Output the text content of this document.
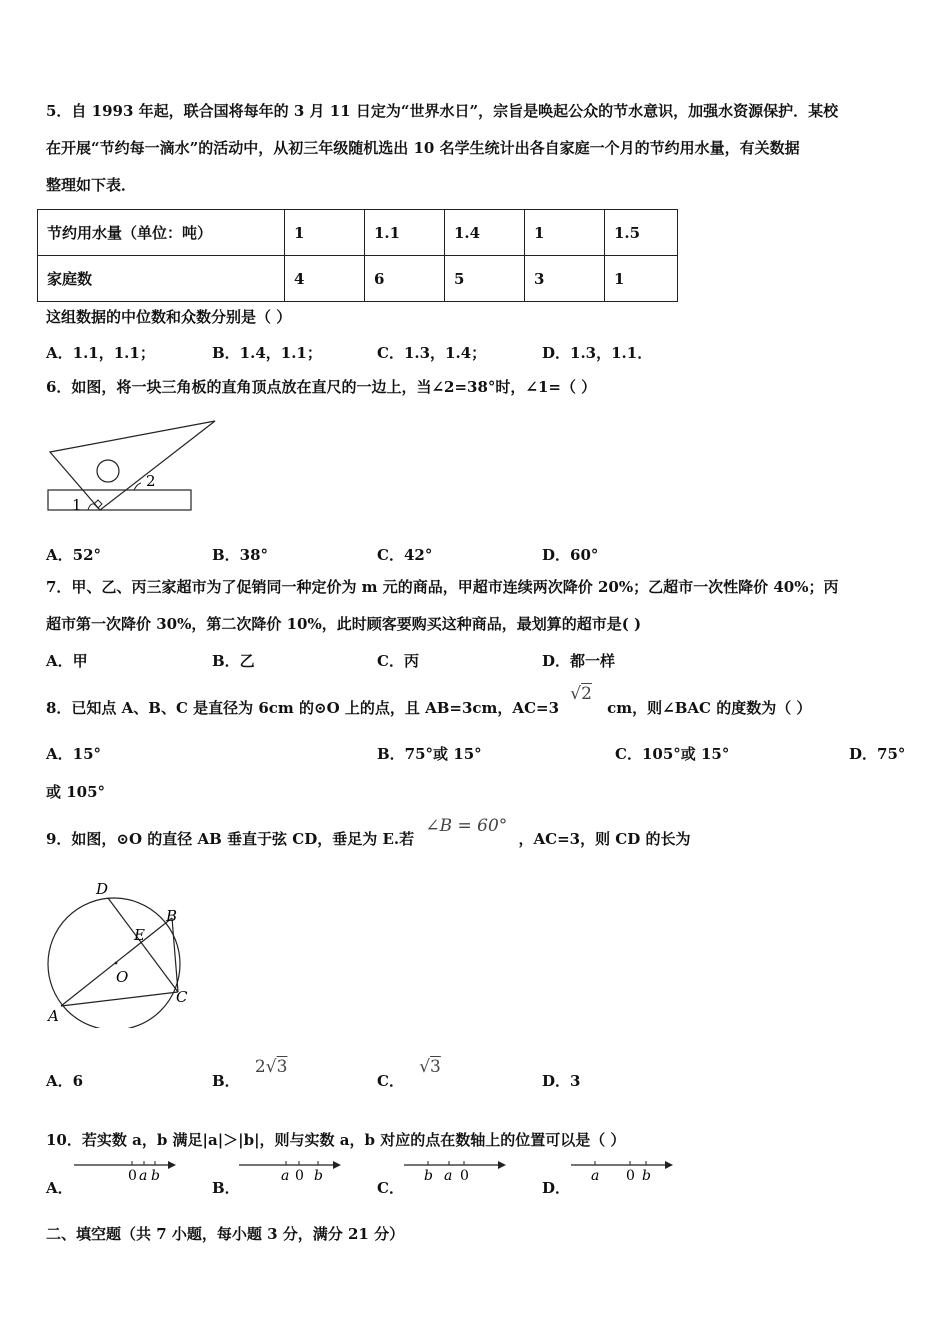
5．自 1993 年起，联合国将每年的 3 月 11 日定为“世界水日”，宗旨是唤起公众的节水意识，加强水资源保护．某校
在开展“节约每一滴水”的活动中，从初三年级随机选出 10 名学生统计出各自家庭一个月的节约用水量，有关数据
整理如下表．
节约用水量（单位：吨）	1	1.1	1.4	1	1.5
家庭数	4	6	5	3	1
这组数据的中位数和众数分别是（ ）
A．1.1，1.1；	B．1.4，1.1；	C．1.3，1.4；	D．1.3，1.1．
6．如图，将一块三角板的直角顶点放在直尺的一边上，当∠2=38°时，∠1=（ ）
1
2
A．52°	B．38°	C．42°	D．60°
7．甲、乙、丙三家超市为了促销同一种定价为 m 元的商品，甲超市连续两次降价 20%；乙超市一次性降价 40%；丙
超市第一次降价 30%，第二次降价 10%，此时顾客要购买这种商品，最划算的超市是( )
A．甲	B．乙	C．丙	D．都一样
8．已知点 A、B、C 是直径为 6cm 的⊙O 上的点，且 AB=3cm，AC=3 √2 cm，则∠BAC 的度数为（ ）
A．15°	B．75°或 15°	C．105°或 15°	D．75°
或 105°
9．如图，⊙O 的直径 AB 垂直于弦 CD，垂足为 E.若 ∠B = 60° ，AC=3，则 CD 的长为
D
B
E
O
C
A
A．6	B． 2√3
C． √3
D．3
10．若实数 a，b 满足|a|＞|b|，则与实数 a，b 对应的点在数轴上的位置可以是（ ）
A．
0 a b
B．
a 0 b
C．
b a 0
D．
a 0 b
二、填空题（共 7 小题，每小题 3 分，满分 21 分）
